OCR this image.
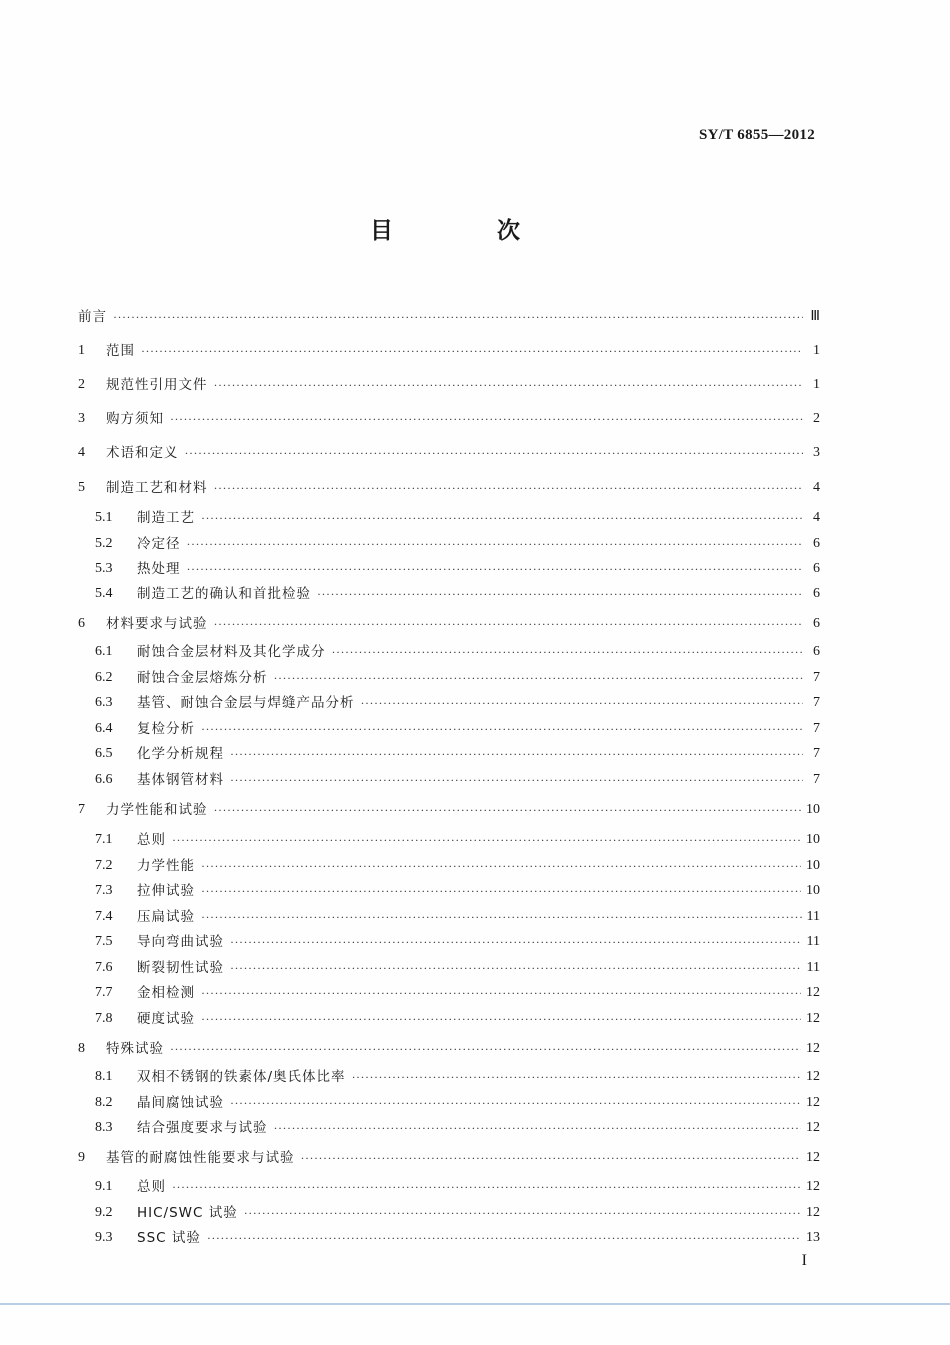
SY/T 6855—2012
目 次
前言 ·····	Ⅲ
1	范围 ·····	1
2	规范性引用文件 ·····	1
3	购方须知 ·····	2
4	术语和定义 ·····	3
5	制造工艺和材料 ·····	4
5.1	制造工艺 ·····	4
5.2	冷定径 ·····	6
5.3	热处理 ·····	6
5.4	制造工艺的确认和首批检验 ·····	6
6	材料要求与试验 ·····	6
6.1	耐蚀合金层材料及其化学成分 ·····	6
6.2	耐蚀合金层熔炼分析 ·····	7
6.3	基管、耐蚀合金层与焊缝产品分析 ·····	7
6.4	复检分析 ·····	7
6.5	化学分析规程 ·····	7
6.6	基体钢管材料 ·····	7
7	力学性能和试验 ·····	10
7.1	总则 ·····	10
7.2	力学性能 ·····	10
7.3	拉伸试验 ·····	10
7.4	压扁试验 ·····	11
7.5	导向弯曲试验 ·····	11
7.6	断裂韧性试验 ·····	11
7.7	金相检测 ·····	12
7.8	硬度试验 ·····	12
8	特殊试验 ·····	12
8.1	双相不锈钢的铁素体/奥氏体比率 ·····	12
8.2	晶间腐蚀试验 ·····	12
8.3	结合强度要求与试验 ·····	12
9	基管的耐腐蚀性能要求与试验 ·····	12
9.1	总则 ·····	12
9.2	HIC/SWC 试验 ·····	12
9.3	SSC 试验 ·····	13
I
